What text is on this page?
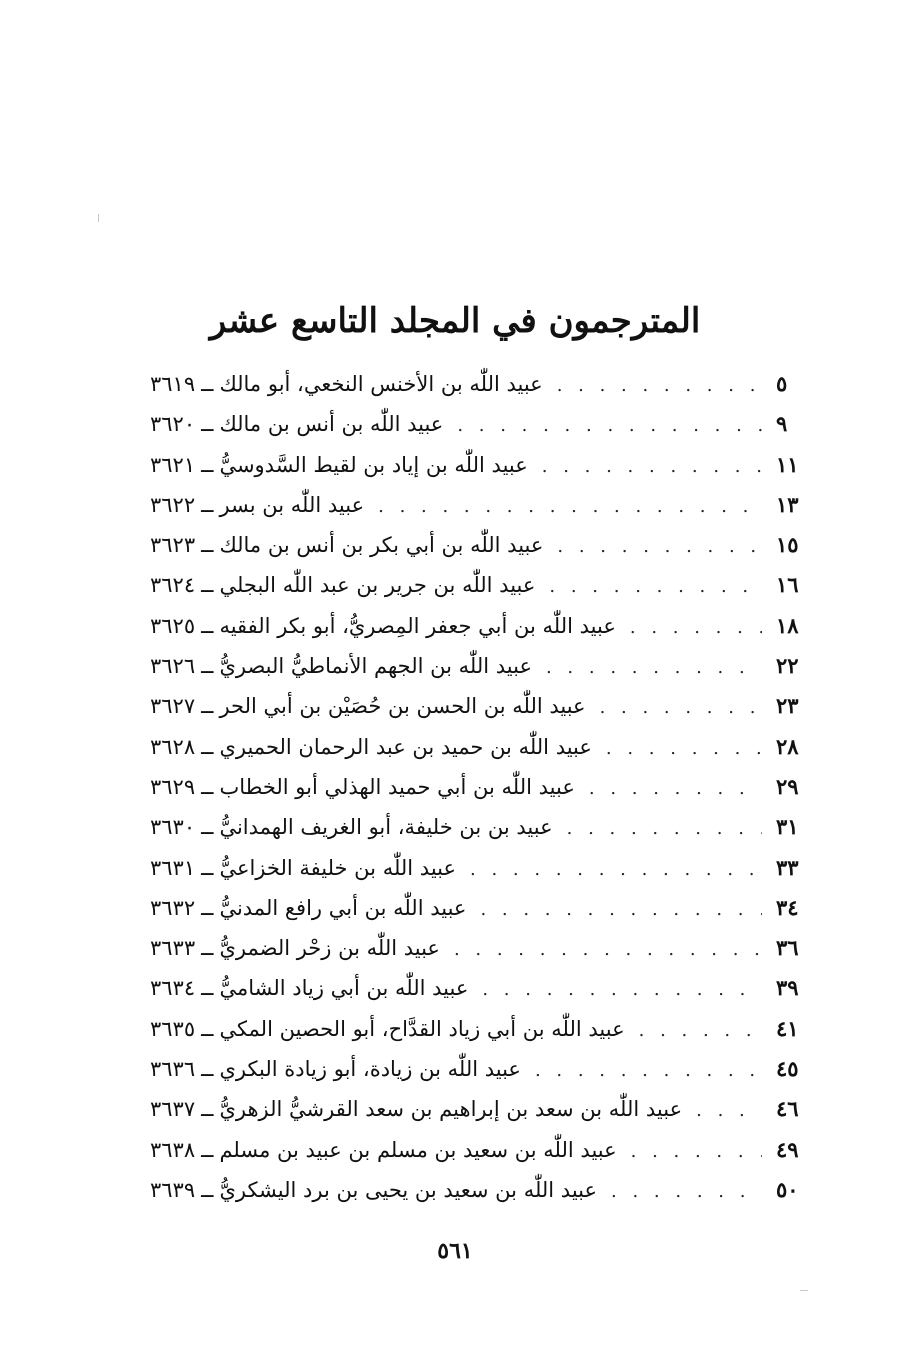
المترجمون في المجلد التاسع عشر
٣٦١٩ ــ عبيد اللّٰه بن الأخنس النخعي، أبو مالك . . .	٥
٣٦٢٠ ــ عبيد اللّٰه بن أنس بن مالك . . .	٩
٣٦٢١ ــ عبيد اللّٰه بن إياد بن لقيط السَّدوسيُّ . . .	١١
٣٦٢٢ ــ عبيد اللّٰه بن بسر . . .	١٣
٣٦٢٣ ــ عبيد اللّٰه بن أبي بكر بن أنس بن مالك . . .	١٥
٣٦٢٤ ــ عبيد اللّٰه بن جرير بن عبد اللّٰه البجلي . . .	١٦
٣٦٢٥ ــ عبيد اللّٰه بن أبي جعفر المِصريُّ، أبو بكر الفقيه . . .	١٨
٣٦٢٦ ــ عبيد اللّٰه بن الجهم الأنماطيُّ البصريُّ . . .	٢٢
٣٦٢٧ ــ عبيد اللّٰه بن الحسن بن حُصَيْن بن أبي الحر . . .	٢٣
٣٦٢٨ ــ عبيد اللّٰه بن حميد بن عبد الرحمان الحميري . . .	٢٨
٣٦٢٩ ــ عبيد اللّٰه بن أبي حميد الهذلي أبو الخطاب . . .	٢٩
٣٦٣٠ ــ عبيد بن بن خليفة، أبو الغريف الهمدانيُّ . . .	٣١
٣٦٣١ ــ عبيد اللّٰه بن خليفة الخزاعيُّ . . .	٣٣
٣٦٣٢ ــ عبيد اللّٰه بن أبي رافع المدنيُّ . . .	٣٤
٣٦٣٣ ــ عبيد اللّٰه بن زحْر الضمريُّ . . .	٣٦
٣٦٣٤ ــ عبيد اللّٰه بن أبي زياد الشاميُّ . . .	٣٩
٣٦٣٥ ــ عبيد اللّٰه بن أبي زياد القدَّاح، أبو الحصين المكي . . .	٤١
٣٦٣٦ ــ عبيد اللّٰه بن زيادة، أبو زيادة البكري . . .	٤٥
٣٦٣٧ ــ عبيد اللّٰه بن سعد بن إبراهيم بن سعد القرشيُّ الزهريُّ . . .	٤٦
٣٦٣٨ ــ عبيد اللّٰه بن سعيد بن مسلم بن عبيد بن مسلم . . .	٤٩
٣٦٣٩ ــ عبيد اللّٰه بن سعيد بن يحيى بن برد اليشكريُّ . . .	٥٠
٥٦١
